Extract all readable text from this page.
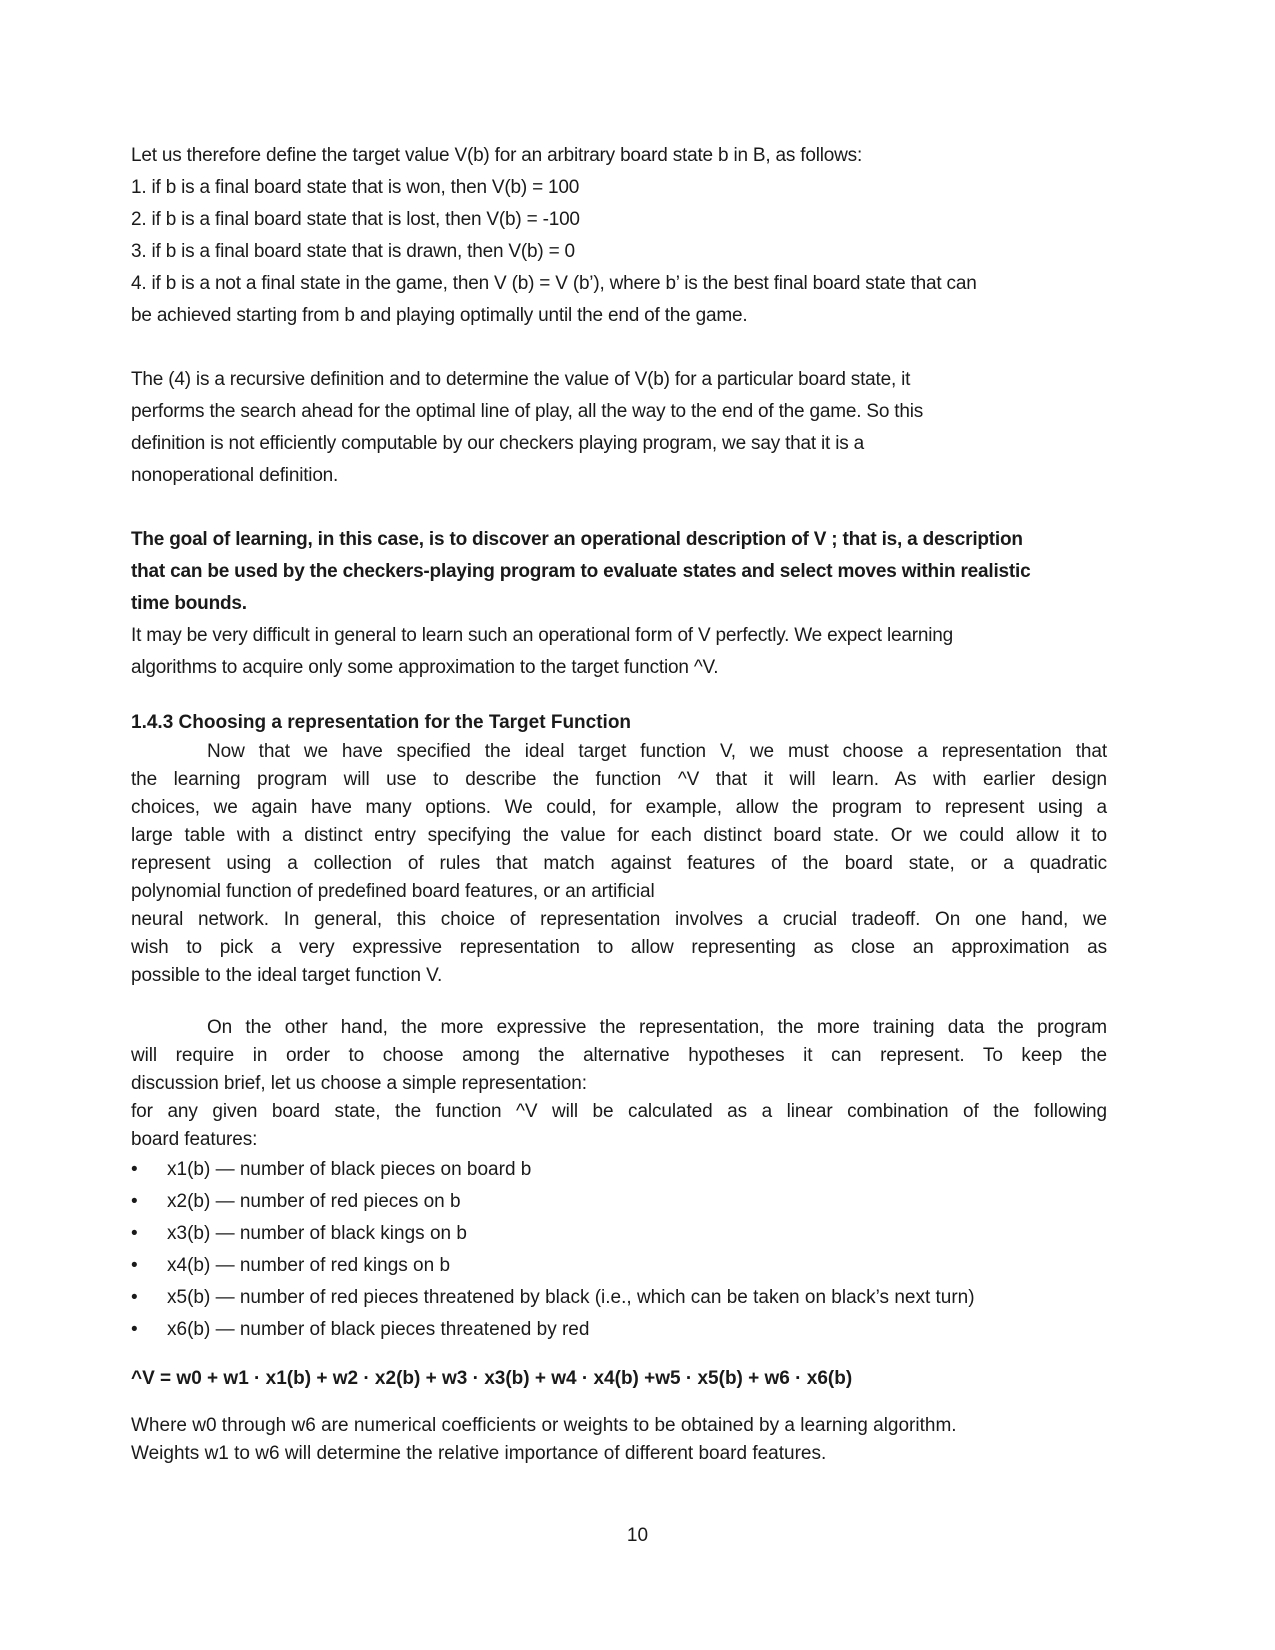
Let us therefore define the target value V(b) for an arbitrary board state b in B, as follows:
1. if b is a final board state that is won, then V(b) = 100
2. if b is a final board state that is lost, then V(b) = -100
3. if b is a final board state that is drawn, then V(b) = 0
4. if b is a not a final state in the game, then V (b) = V (b’), where b’ is the best final board state that can
be achieved starting from b and playing optimally until the end of the game.
The (4) is a recursive definition and to determine the value of V(b) for a particular board state, it
performs the search ahead for the optimal line of play, all the way to the end of the game. So this
definition is not efficiently computable by our checkers playing program, we say that it is a
nonoperational definition.
The goal of learning, in this case, is to discover an operational description of V ; that is, a description
that can be used by the checkers-playing program to evaluate states and select moves within realistic
time bounds.
It may be very difficult in general to learn such an operational form of V perfectly. We expect learning
algorithms to acquire only some approximation to the target function ^V.
1.4.3 Choosing a representation for the Target Function
Now that we have specified the ideal target function V, we must choose a representation that
the learning program will use to describe the function ^V that it will learn. As with earlier design
choices, we again have many options. We could, for example, allow the program to represent using a
large table with a distinct entry specifying the value for each distinct board state. Or we could allow it to
represent using a collection of rules that match against features of the board state, or a quadratic
polynomial function of predefined board features, or an artificial
neural network. In general, this choice of representation involves a crucial tradeoff. On one hand, we
wish to pick a very expressive representation to allow representing as close an approximation as
possible to the ideal target function V.
On the other hand, the more expressive the representation, the more training data the program
will require in order to choose among the alternative hypotheses it can represent. To keep the
discussion brief, let us choose a simple representation:
for any given board state, the function ^V will be calculated as a linear combination of the following
board features:
• x1(b) — number of black pieces on board b
• x2(b) — number of red pieces on b
• x3(b) — number of black kings on b
• x4(b) — number of red kings on b
• x5(b) — number of red pieces threatened by black (i.e., which can be taken on black’s next turn)
• x6(b) — number of black pieces threatened by red
^V = w0 + w1 · x1(b) + w2 · x2(b) + w3 · x3(b) + w4 · x4(b) +w5 · x5(b) + w6 · x6(b)
Where w0 through w6 are numerical coefficients or weights to be obtained by a learning algorithm.
Weights w1 to w6 will determine the relative importance of different board features.
10
